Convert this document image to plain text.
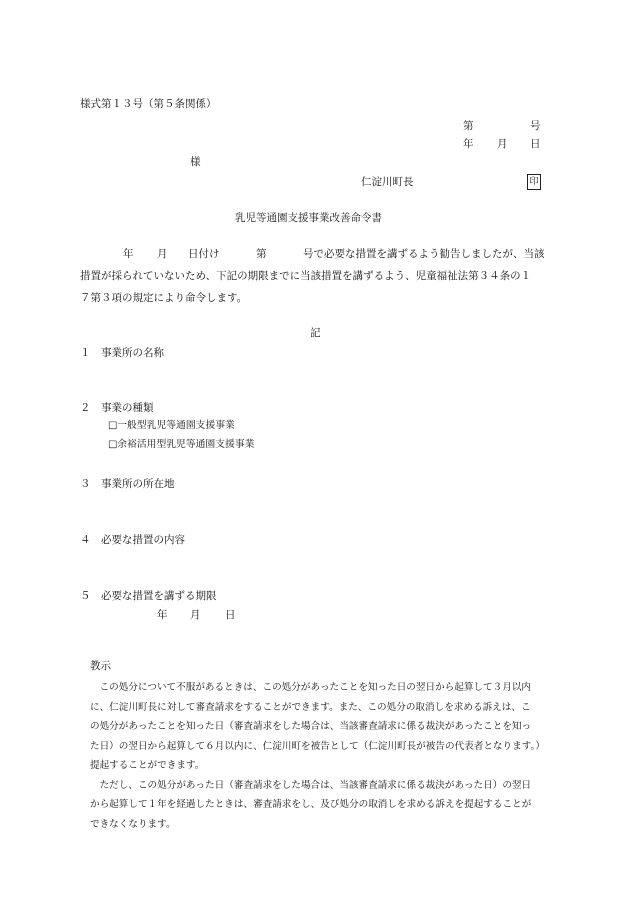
様式第１３号（第５条関係）
第	号
年 月 日
様
仁淀川町長	印
乳児等通園支援事業改善命令書
年 月 日付け	第	号で必要な措置を講ずるよう勧告しましたが、当該
措置が採られていないため、下記の期限までに当該措置を講ずるよう、児童福祉法第３４条の１
７第３項の規定により命令します。
記
１ 事業所の名称
２ 事業の種類
□一般型乳児等通園支援事業
□余裕活用型乳児等通園支援事業
３ 事業所の所在地
４ 必要な措置の内容
５ 必要な措置を講ずる期限
年 月 日
教示
　この処分について不服があるときは、この処分があったことを知った日の翌日から起算して３月以内
に、仁淀川町長に対して審査請求をすることができます。また、この処分の取消しを求める訴えは、こ
の処分があったことを知った日（審査請求をした場合は、当該審査請求に係る裁決があったことを知っ
た日）の翌日から起算して６月以内に、仁淀川町を被告として（仁淀川町長が被告の代表者となります。）
提起することができます。
　ただし、この処分があった日（審査請求をした場合は、当該審査請求に係る裁決があった日）の翌日
から起算して１年を経過したときは、審査請求をし、及び処分の取消しを求める訴えを提起することが
できなくなります。
